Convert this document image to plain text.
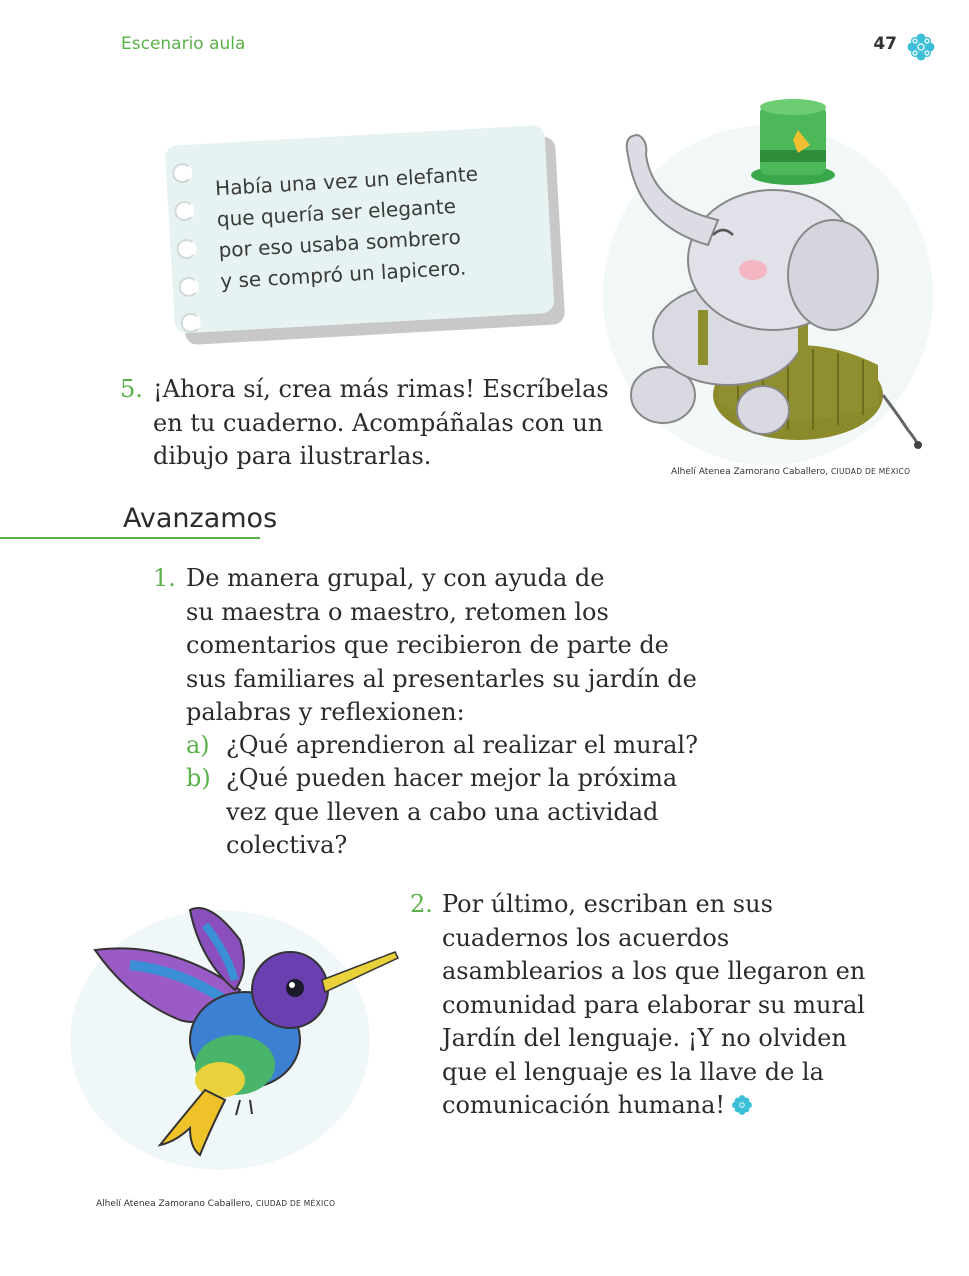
Escenario aula	47
Había una vez un elefante
que quería ser elegante
por eso usaba sombrero
y se compró un lapicero.
Alhelí Atenea Zamorano Caballero, CIUDAD DE MÉXICO
5. ¡Ahora sí, crea más rimas! Escríbelas
en tu cuaderno. Acompáñalas con un
dibujo para ilustrarlas.
Avanzamos
1. De manera grupal, y con ayuda de
su maestra o maestro, retomen los
comentarios que recibieron de parte de
sus familiares al presentarles su jardín de
palabras y reflexionen:
a) ¿Qué aprendieron al realizar el mural?
b) ¿Qué pueden hacer mejor la próxima
vez que lleven a cabo una actividad
colectiva?
2. Por último, escriban en sus
cuadernos los acuerdos
asamblearios a los que llegaron en
comunidad para elaborar su mural
Jardín del lenguaje. ¡Y no olviden
que el lenguaje es la llave de la
comunicación humana!
Alhelí Atenea Zamorano Caballero, CIUDAD DE MÉXICO
